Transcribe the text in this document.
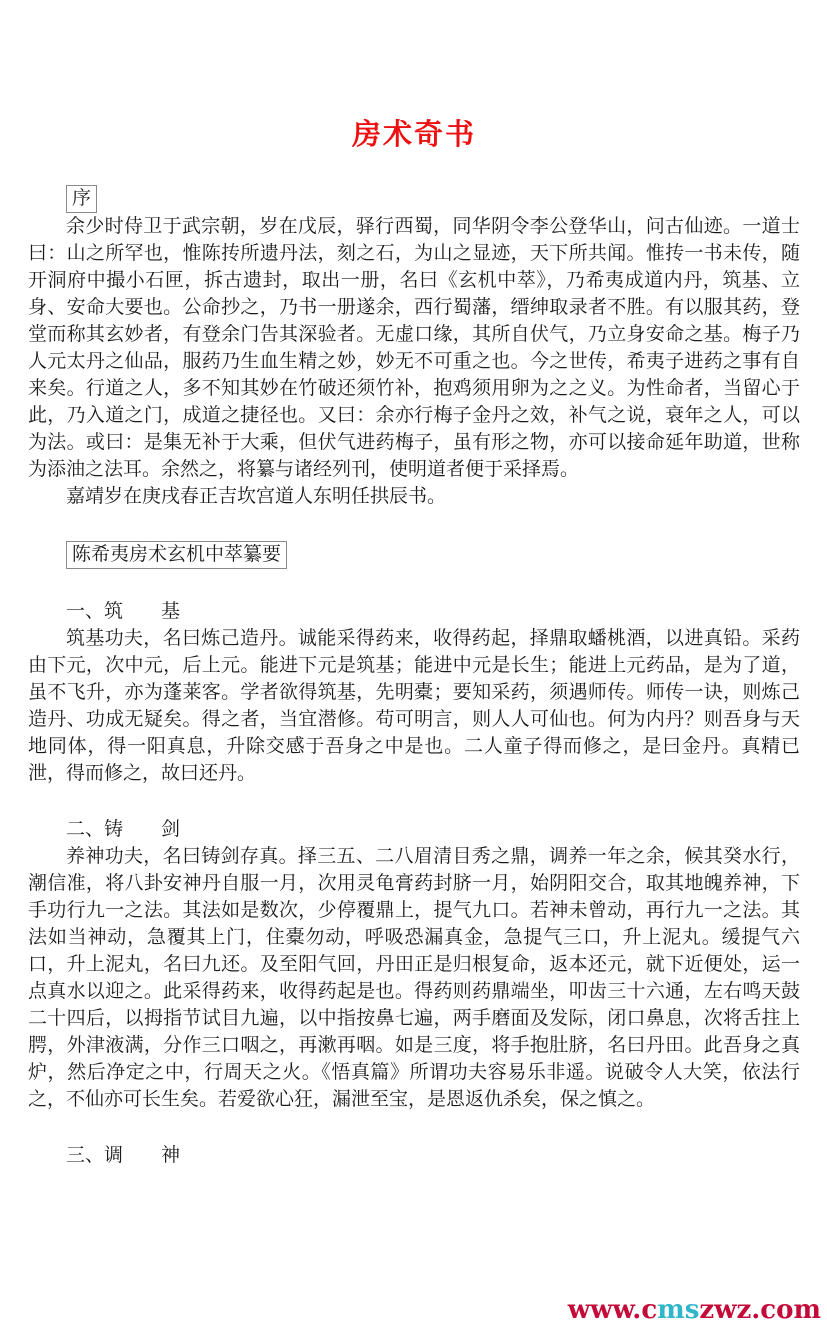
房术奇书
序

余少时侍卫于武宗朝，岁在戊辰，驿行西蜀，同华阴令李公登华山，问古仙迹。一道士曰：山之所罕也，惟陈抟所遗丹法，刻之石，为山之显迹，天下所共闻。惟抟一书未传，随开洞府中撮小石匣，拆古遗封，取出一册，名曰《玄机中萃》，乃希夷成道内丹，筑基、立身、安命大要也。公命抄之，乃书一册遂余，西行蜀藩，缙绅取录者不胜。有以服其药，登堂而称其玄妙者，有登余门告其深验者。无虚口缘，其所自伏气，乃立身安命之基。梅子乃人元太丹之仙品，服药乃生血生精之妙，妙无不可重之也。今之世传，希夷子进药之事有自来矣。行道之人，多不知其妙在竹破还须竹补，抱鸡须用卵为之之义。为性命者，当留心于此，乃入道之门，成道之捷径也。又曰：余亦行梅子金丹之效，补气之说，衰年之人，可以为法。或曰：是集无补于大乘，但伏气进药梅子，虽有形之物，亦可以接命延年助道，世称为添油之法耳。余然之，将纂与诸经列刊，使明道者便于采择焉。

嘉靖岁在庚戌春正吉坎宫道人东明任拱辰书。

陈希夷房术玄机中萃纂要
一、筑　　基

筑基功夫，名曰炼己造丹。诚能采得药来，收得药起，择鼎取蟠桃酒，以进真铅。采药由下元，次中元，后上元。能进下元是筑基；能进中元是长生；能进上元药品，是为了道，虽不飞升，亦为蓬莱客。学者欲得筑基，先明橐；要知采药，须遇师传。师传一诀，则炼己造丹、功成无疑矣。得之者，当宜潜修。苟可明言，则人人可仙也。何为内丹？则吾身与天地同体，得一阳真息，升除交感于吾身之中是也。二人童子得而修之，是曰金丹。真精已泄，得而修之，故曰还丹。

二、铸　　剑

养神功夫，名曰铸剑存真。择三五、二八眉清目秀之鼎，调养一年之余，候其癸水行，潮信准，将八卦安神丹自服一月，次用灵龟膏药封脐一月，始阴阳交合，取其地魄养神，下手功行九一之法。其法如是数次，少停覆鼎上，提气九口。若神未曾动，再行九一之法。其法如当神动，急覆其上门，住橐勿动，呼吸恐漏真金，急提气三口，升上泥丸。缓提气六口，升上泥丸，名曰九还。及至阳气回，丹田正是归根复命，返本还元，就下近便处，运一点真水以迎之。此采得药来，收得药起是也。得药则药鼎端坐，叩齿三十六通，左右鸣天鼓二十四后，以拇指节试目九遍，以中指按鼻七遍，两手磨面及发际，闭口鼻息，次将舌拄上腭，外津液满，分作三口咽之，再漱再咽。如是三度，将手抱肚脐，名曰丹田。此吾身之真炉，然后净定之中，行周天之火。《悟真篇》所谓功夫容易乐非遥。说破令人大笑，依法行之，不仙亦可长生矣。若爱欲心狂，漏泄至宝，是恩返仇杀矣，保之慎之。

三、调　　神
www.cmszwz.com
